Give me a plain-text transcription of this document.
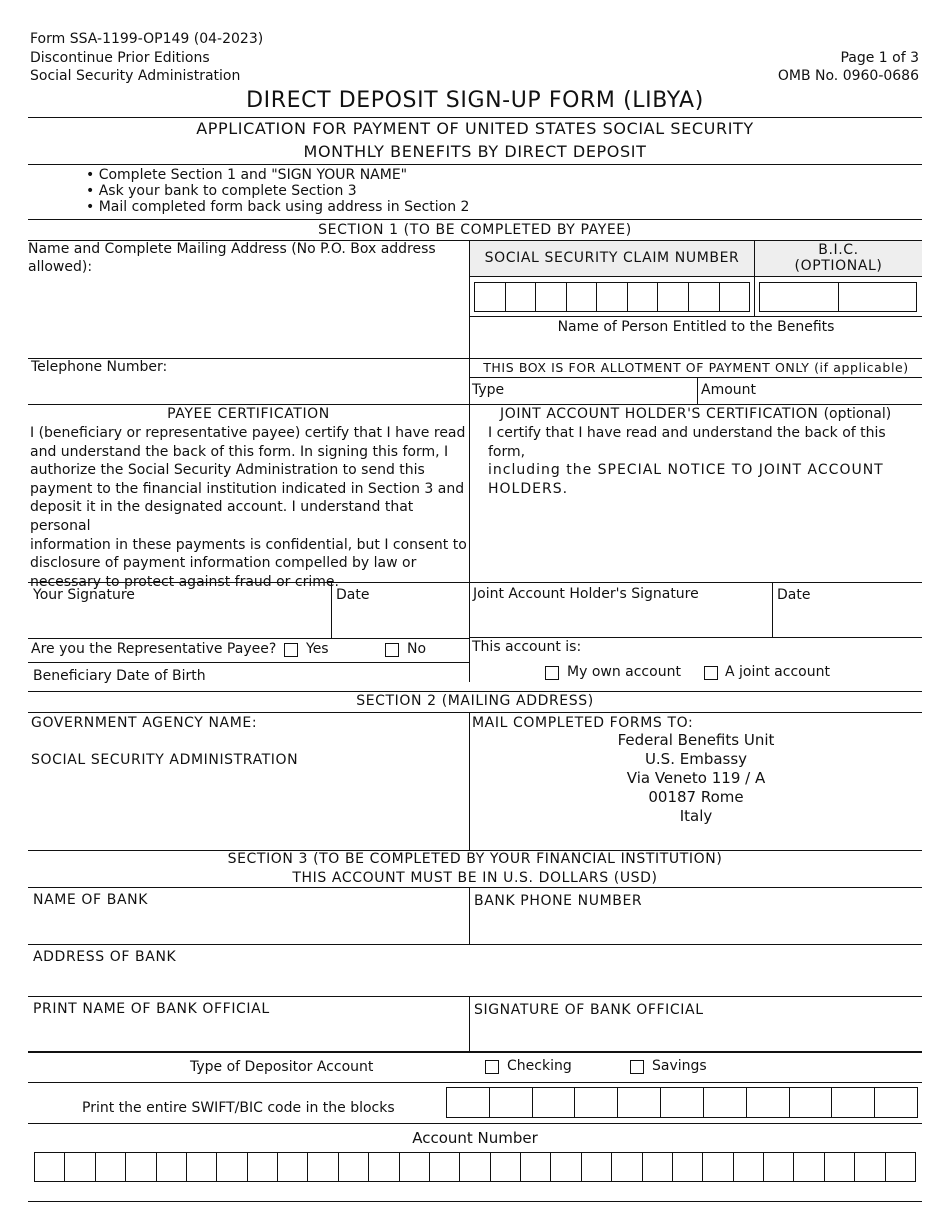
Form SSA-1199-OP149 (04-2023)
Discontinue Prior Editions
Social Security Administration
Page 1 of 3
OMB No. 0960-0686
DIRECT DEPOSIT SIGN-UP FORM (LIBYA)
APPLICATION FOR PAYMENT OF UNITED STATES SOCIAL SECURITY
MONTHLY BENEFITS BY DIRECT DEPOSIT
• Complete Section 1 and "SIGN YOUR NAME"
• Ask your bank to complete Section 3
• Mail completed form back using address in Section 2
SECTION 1 (TO BE COMPLETED BY PAYEE)
Name and Complete Mailing Address (No P.O. Box address
allowed):
SOCIAL SECURITY CLAIM NUMBER	B.I.C.
(OPTIONAL)
Name of Person Entitled to the Benefits
Telephone Number:	THIS BOX IS FOR ALLOTMENT OF PAYMENT ONLY (if applicable)
Type	Amount
PAYEE CERTIFICATION
I (beneficiary or representative payee) certify that I have read
and understand the back of this form. In signing this form, I
authorize the Social Security Administration to send this
payment to the financial institution indicated in Section 3 and
deposit it in the designated account. I understand that personal
information in these payments is confidential, but I consent to
disclosure of payment information compelled by law or
necessary to protect against fraud or crime.
JOINT ACCOUNT HOLDER'S CERTIFICATION (optional)
I certify that I have read and understand the back of this form,
including the SPECIAL NOTICE TO JOINT ACCOUNT
HOLDERS.
Your Signature	Date	Joint Account Holder's Signature	Date
Are you the Representative Payee? Yes	No
Beneficiary Date of Birth
This account is:
My own account	A joint account
SECTION 2 (MAILING ADDRESS)
GOVERNMENT AGENCY NAME:
SOCIAL SECURITY ADMINISTRATION
MAIL COMPLETED FORMS TO:
Federal Benefits Unit
U.S. Embassy
Via Veneto 119 / A
00187 Rome
Italy
SECTION 3 (TO BE COMPLETED BY YOUR FINANCIAL INSTITUTION)
THIS ACCOUNT MUST BE IN U.S. DOLLARS (USD)
NAME OF BANK	BANK PHONE NUMBER
ADDRESS OF BANK
PRINT NAME OF BANK OFFICIAL	SIGNATURE OF BANK OFFICIAL
Type of Depositor Account	Checking	Savings
Print the entire SWIFT/BIC code in the blocks
Account Number
